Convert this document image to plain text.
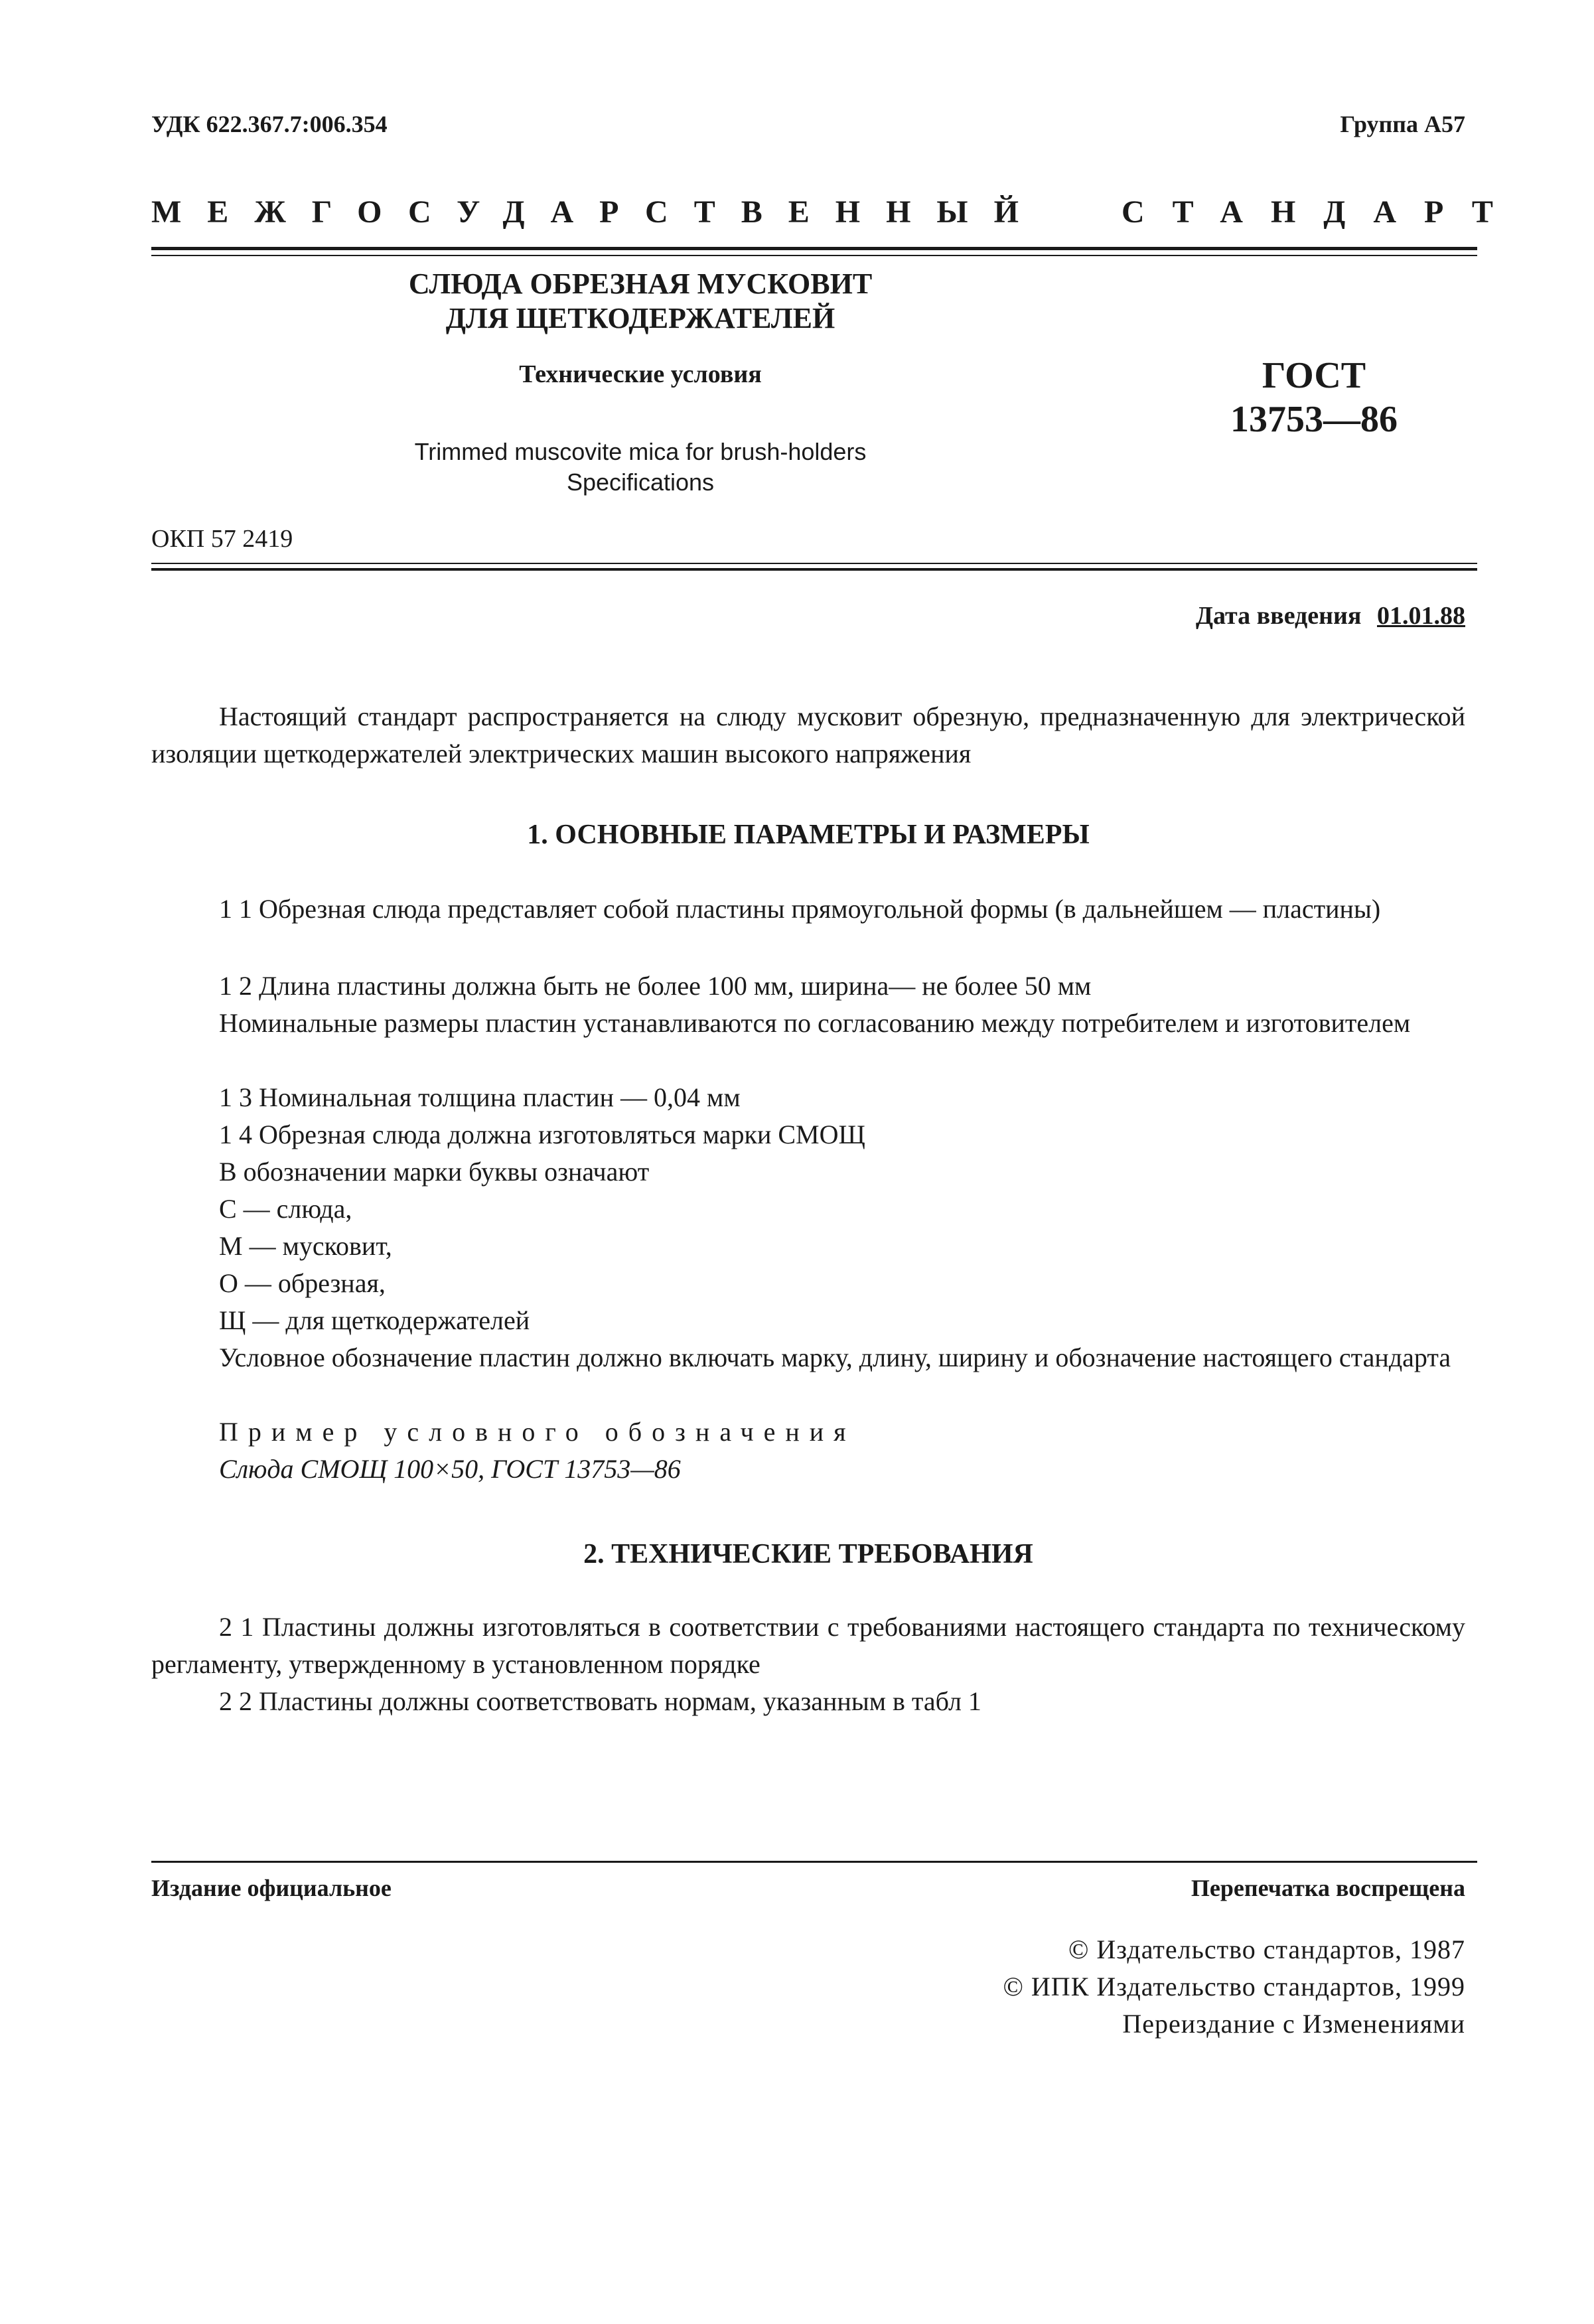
УДК 622.367.7:006.354	Группа А57
МЕЖГОСУДАРСТВЕННЫЙ СТАНДАРТ
СЛЮДА ОБРЕЗНАЯ МУСКОВИТ
ДЛЯ ЩЕТКОДЕРЖАТЕЛЕЙ
Технические условия
Trimmed muscovite mica for brush-holders
Specifications
ГОСТ
13753—86
ОКП 57 2419
Дата введения 01.01.88
Настоящий стандарт распространяется на слюду мусковит обрезную, предназначенную для электрической изоляции щеткодержателей электрических машин высокого напряжения
1. ОСНОВНЫЕ ПАРАМЕТРЫ И РАЗМЕРЫ
1 1 Обрезная слюда представляет собой пластины прямоугольной формы (в дальнейшем — пластины)
1 2 Длина пластины должна быть не более 100 мм, ширина— не более 50 мм
Номинальные размеры пластин устанавливаются по согласованию между потребителем и изготовителем
1 3 Номинальная толщина пластин — 0,04 мм
1 4 Обрезная слюда должна изготовляться марки СМОЩ
В обозначении марки буквы означают
С — слюда,
М — мусковит,
О — обрезная,
Щ — для щеткодержателей
Условное обозначение пластин должно включать марку, длину, ширину и обозначение настоящего стандарта
Пример условного обозначения
Слюда СМОЩ 100×50, ГОСТ 13753—86
2. ТЕХНИЧЕСКИЕ ТРЕБОВАНИЯ
2 1 Пластины должны изготовляться в соответствии с требованиями настоящего стандарта по техническому регламенту, утвержденному в установленном порядке
2 2 Пластины должны соответствовать нормам, указанным в табл 1
Издание официальное	Перепечатка воспрещена
© Издательство стандартов, 1987
© ИПК Издательство стандартов, 1999
Переиздание с Изменениями
